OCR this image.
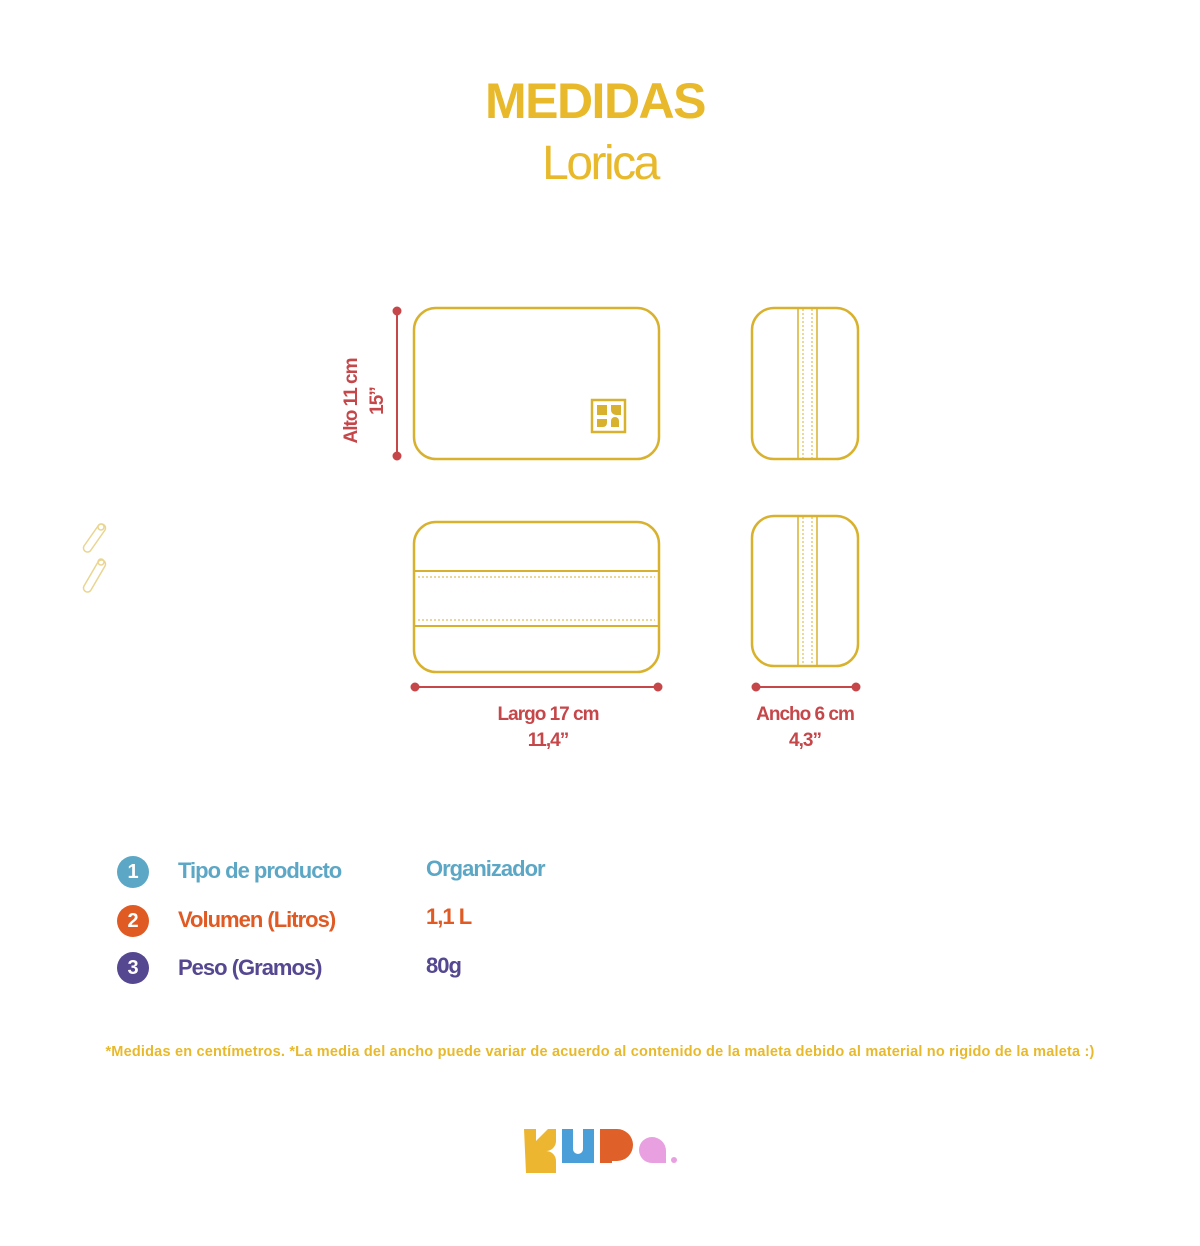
MEDIDAS
Lorica
Alto 11 cm 15”
Largo 17 cm
11,4”
Ancho 6 cm
4,3”
1	Tipo de producto	Organizador
2	Volumen (Litros)	1,1 L
3	Peso (Gramos)	80g
*Medidas en centímetros. *La media del ancho puede variar de acuerdo al contenido de la maleta debido al material no rigido de la maleta :)
